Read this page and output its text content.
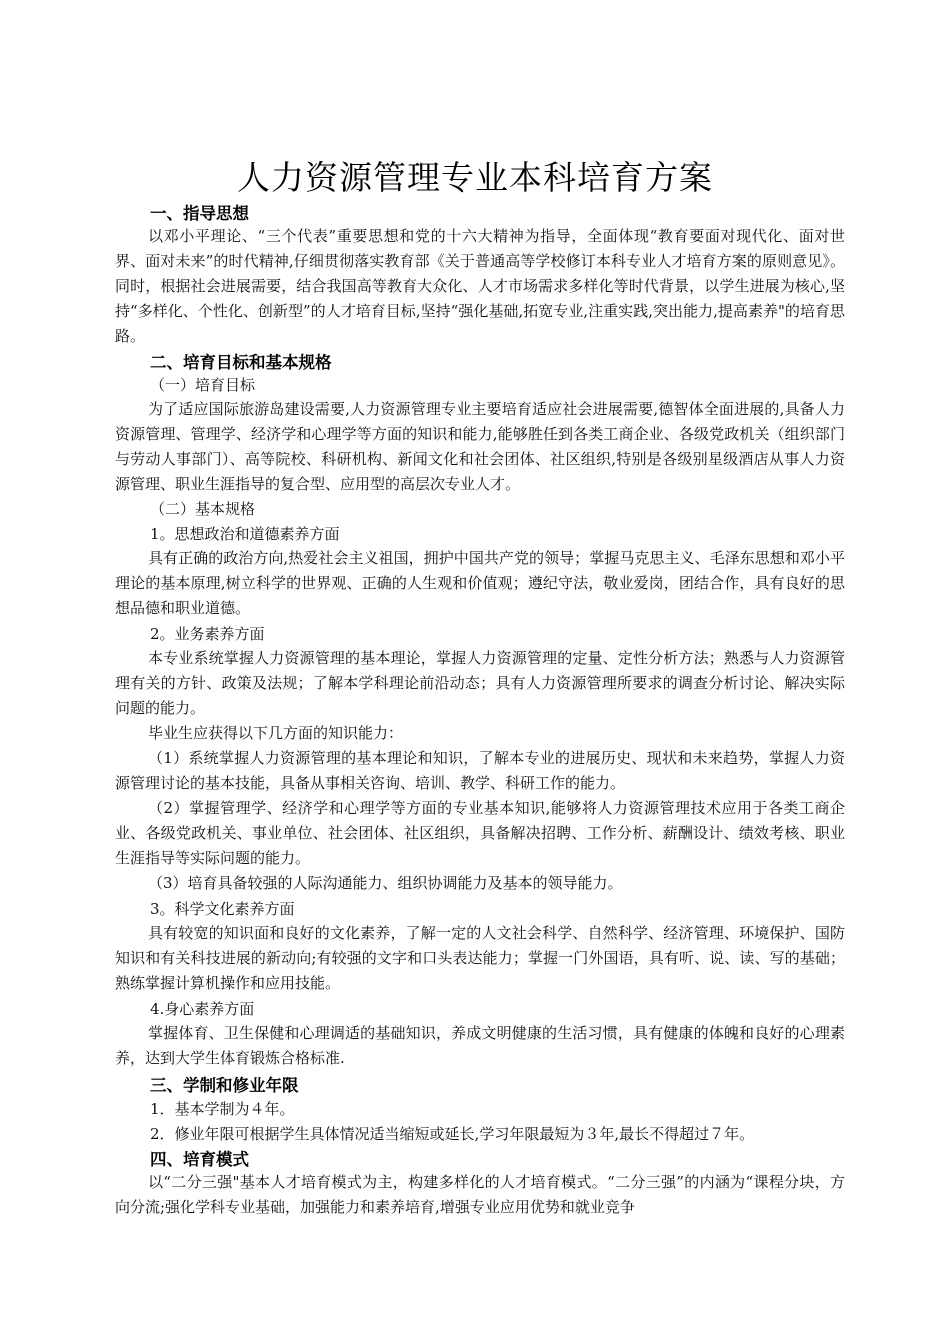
人力资源管理专业本科培育方案
一、指导思想
以邓小平理论、“三个代表”重要思想和党的十六大精神为指导，全面体现“教育要面对现代化、面对世界、面对未来”的时代精神,仔细贯彻落实教育部《关于普通高等学校修订本科专业人才培育方案的原则意见》。同时，根据社会进展需要，结合我国高等教育大众化、人才市场需求多样化等时代背景，以学生进展为核心,坚持“多样化、个性化、创新型”的人才培育目标,坚持“强化基础,拓宽专业,注重实践,突出能力,提高素养"的培育思路。
二、培育目标和基本规格
（一）培育目标
为了适应国际旅游岛建设需要,人力资源管理专业主要培育适应社会进展需要,德智体全面进展的,具备人力资源管理、管理学、经济学和心理学等方面的知识和能力,能够胜任到各类工商企业、各级党政机关（组织部门与劳动人事部门）、高等院校、科研机构、新闻文化和社会团体、社区组织,特别是各级别星级酒店从事人力资源管理、职业生涯指导的复合型、应用型的高层次专业人才。
（二）基本规格
1。思想政治和道德素养方面
具有正确的政治方向,热爱社会主义祖国，拥护中国共产党的领导；掌握马克思主义、毛泽东思想和邓小平理论的基本原理,树立科学的世界观、正确的人生观和价值观；遵纪守法，敬业爱岗，团结合作，具有良好的思想品德和职业道德。
2。业务素养方面
本专业系统掌握人力资源管理的基本理论，掌握人力资源管理的定量、定性分析方法；熟悉与人力资源管理有关的方针、政策及法规；了解本学科理论前沿动态；具有人力资源管理所要求的调查分析讨论、解决实际问题的能力。
毕业生应获得以下几方面的知识能力：
（1）系统掌握人力资源管理的基本理论和知识，了解本专业的进展历史、现状和未来趋势，掌握人力资源管理讨论的基本技能，具备从事相关咨询、培训、教学、科研工作的能力。
（2）掌握管理学、经济学和心理学等方面的专业基本知识,能够将人力资源管理技术应用于各类工商企业、各级党政机关、事业单位、社会团体、社区组织，具备解决招聘、工作分析、薪酬设计、绩效考核、职业生涯指导等实际问题的能力。
（3）培育具备较强的人际沟通能力、组织协调能力及基本的领导能力。
3。科学文化素养方面
具有较宽的知识面和良好的文化素养，了解一定的人文社会科学、自然科学、经济管理、环境保护、国防知识和有关科技进展的新动向;有较强的文字和口头表达能力；掌握一门外国语，具有听、说、读、写的基础；熟练掌握计算机操作和应用技能。
4.身心素养方面
掌握体育、卫生保健和心理调适的基础知识，养成文明健康的生活习惯，具有健康的体魄和良好的心理素养，达到大学生体育锻炼合格标准.
三、学制和修业年限
1．基本学制为４年。
2．修业年限可根据学生具体情况适当缩短或延长,学习年限最短为３年,最长不得超过７年。
四、培育模式
以“二分三强"基本人才培育模式为主，构建多样化的人才培育模式。“二分三强”的内涵为“课程分块，方向分流;强化学科专业基础，加强能力和素养培育,增强专业应用优势和就业竞争
